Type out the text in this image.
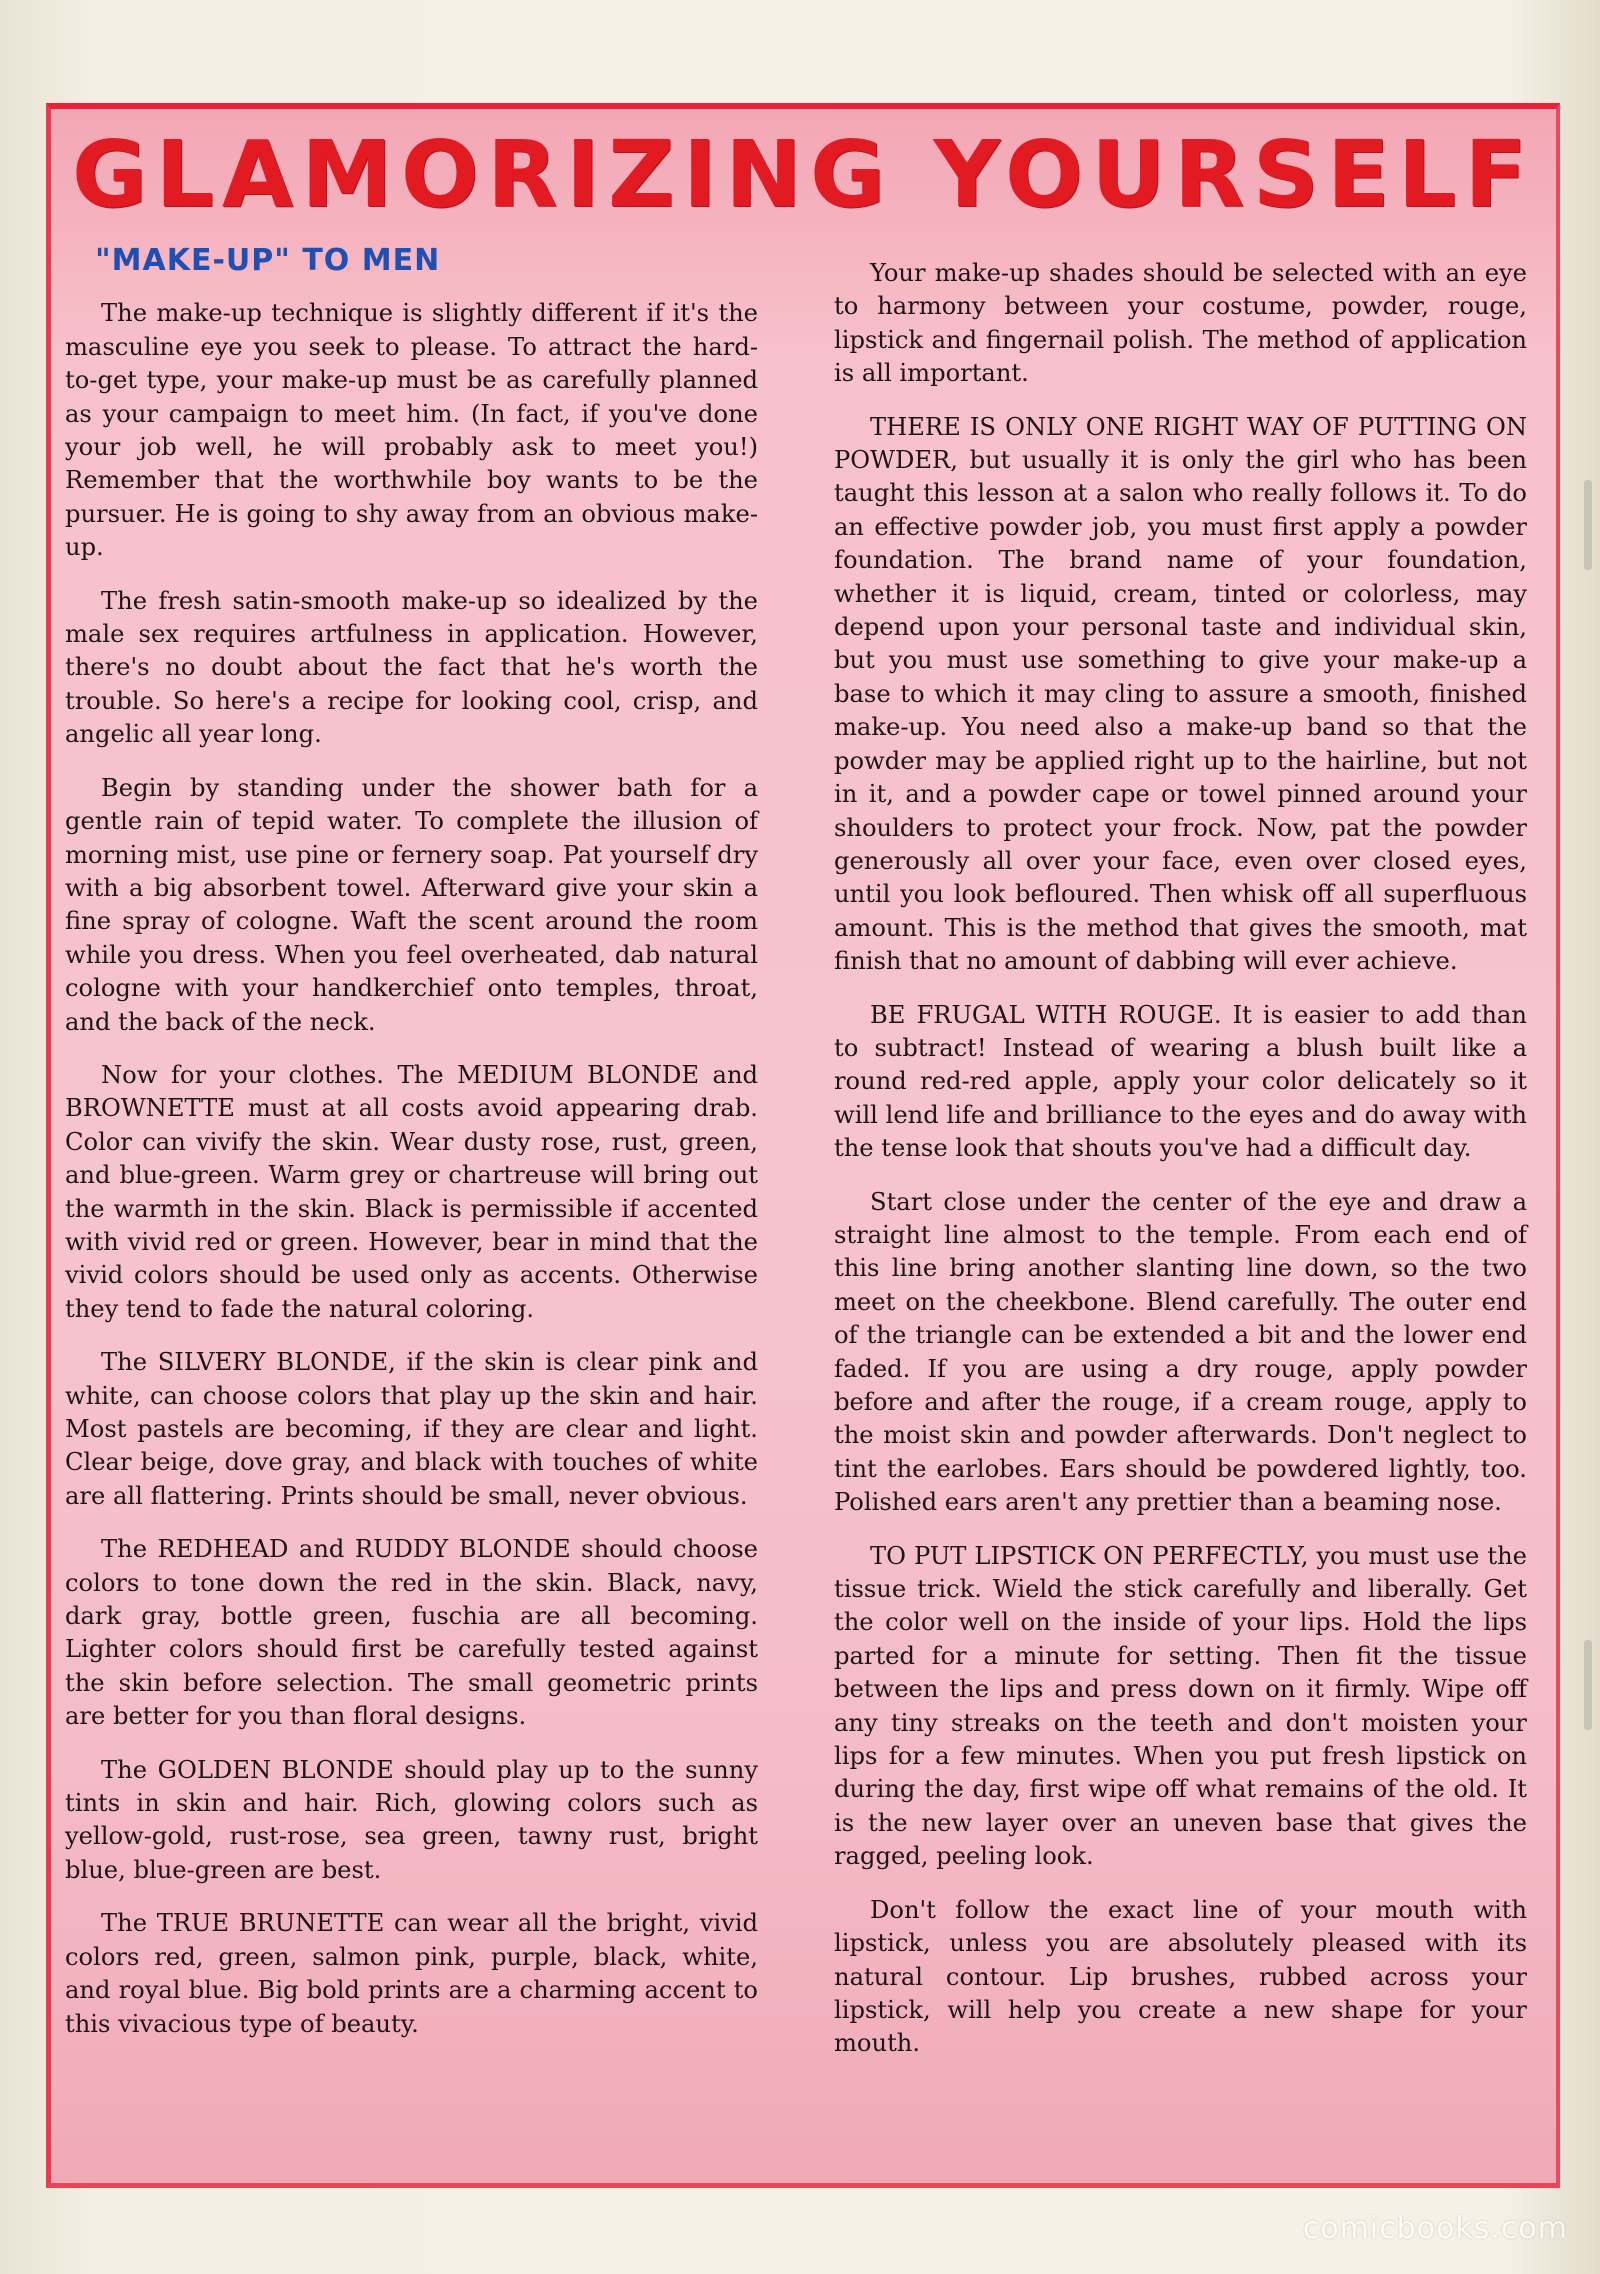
GLAMORIZING YOURSELF
"MAKE-UP" TO MEN

The make-up technique is slightly different if it's the masculine eye you seek to please. To attract the hard-to-get type, your make-up must be as carefully planned as your campaign to meet him. (In fact, if you've done your job well, he will probably ask to meet you!) Remember that the worthwhile boy wants to be the pursuer. He is going to shy away from an obvious make-up.

The fresh satin-smooth make-up so idealized by the male sex requires artfulness in application. However, there's no doubt about the fact that he's worth the trouble. So here's a recipe for looking cool, crisp, and angelic all year long.

Begin by standing under the shower bath for a gentle rain of tepid water. To complete the illusion of morning mist, use pine or fernery soap. Pat yourself dry with a big absorbent towel. Afterward give your skin a fine spray of cologne. Waft the scent around the room while you dress. When you feel overheated, dab natural cologne with your handkerchief onto temples, throat, and the back of the neck.

Now for your clothes. The MEDIUM BLONDE and BROWNETTE must at all costs avoid appearing drab. Color can vivify the skin. Wear dusty rose, rust, green, and blue-green. Warm grey or chartreuse will bring out the warmth in the skin. Black is permissible if accented with vivid red or green. However, bear in mind that the vivid colors should be used only as accents. Otherwise they tend to fade the natural coloring.

The SILVERY BLONDE, if the skin is clear pink and white, can choose colors that play up the skin and hair. Most pastels are becoming, if they are clear and light. Clear beige, dove gray, and black with touches of white are all flattering. Prints should be small, never obvious.

The REDHEAD and RUDDY BLONDE should choose colors to tone down the red in the skin. Black, navy, dark gray, bottle green, fuschia are all becoming. Lighter colors should first be carefully tested against the skin before selection. The small geometric prints are better for you than floral designs.

The GOLDEN BLONDE should play up to the sunny tints in skin and hair. Rich, glowing colors such as yellow-gold, rust-rose, sea green, tawny rust, bright blue, blue-green are best.

The TRUE BRUNETTE can wear all the bright, vivid colors red, green, salmon pink, purple, black, white, and royal blue. Big bold prints are a charming accent to this vivacious type of beauty.

Your make-up shades should be selected with an eye to harmony between your costume, powder, rouge, lipstick and fingernail polish. The method of application is all important.

THERE IS ONLY ONE RIGHT WAY OF PUTTING ON POWDER, but usually it is only the girl who has been taught this lesson at a salon who really follows it. To do an effective powder job, you must first apply a powder foundation. The brand name of your foundation, whether it is liquid, cream, tinted or colorless, may depend upon your personal taste and individual skin, but you must use something to give your make-up a base to which it may cling to assure a smooth, finished make-up. You need also a make-up band so that the powder may be applied right up to the hairline, but not in it, and a powder cape or towel pinned around your shoulders to protect your frock. Now, pat the powder generously all over your face, even over closed eyes, until you look befloured. Then whisk off all superfluous amount. This is the method that gives the smooth, mat finish that no amount of dabbing will ever achieve.

BE FRUGAL WITH ROUGE. It is easier to add than to subtract! Instead of wearing a blush built like a round red-red apple, apply your color delicately so it will lend life and brilliance to the eyes and do away with the tense look that shouts you've had a difficult day.

Start close under the center of the eye and draw a straight line almost to the temple. From each end of this line bring another slanting line down, so the two meet on the cheekbone. Blend carefully. The outer end of the triangle can be extended a bit and the lower end faded. If you are using a dry rouge, apply powder before and after the rouge, if a cream rouge, apply to the moist skin and powder afterwards. Don't neglect to tint the earlobes. Ears should be powdered lightly, too. Polished ears aren't any prettier than a beaming nose.

TO PUT LIPSTICK ON PERFECTLY, you must use the tissue trick. Wield the stick carefully and liberally. Get the color well on the inside of your lips. Hold the lips parted for a minute for setting. Then fit the tissue between the lips and press down on it firmly. Wipe off any tiny streaks on the teeth and don't moisten your lips for a few minutes. When you put fresh lipstick on during the day, first wipe off what remains of the old. It is the new layer over an uneven base that gives the ragged, peeling look.

Don't follow the exact line of your mouth with lipstick, unless you are absolutely pleased with its natural contour. Lip brushes, rubbed across your lipstick, will help you create a new shape for your mouth.

comicbooks.com
